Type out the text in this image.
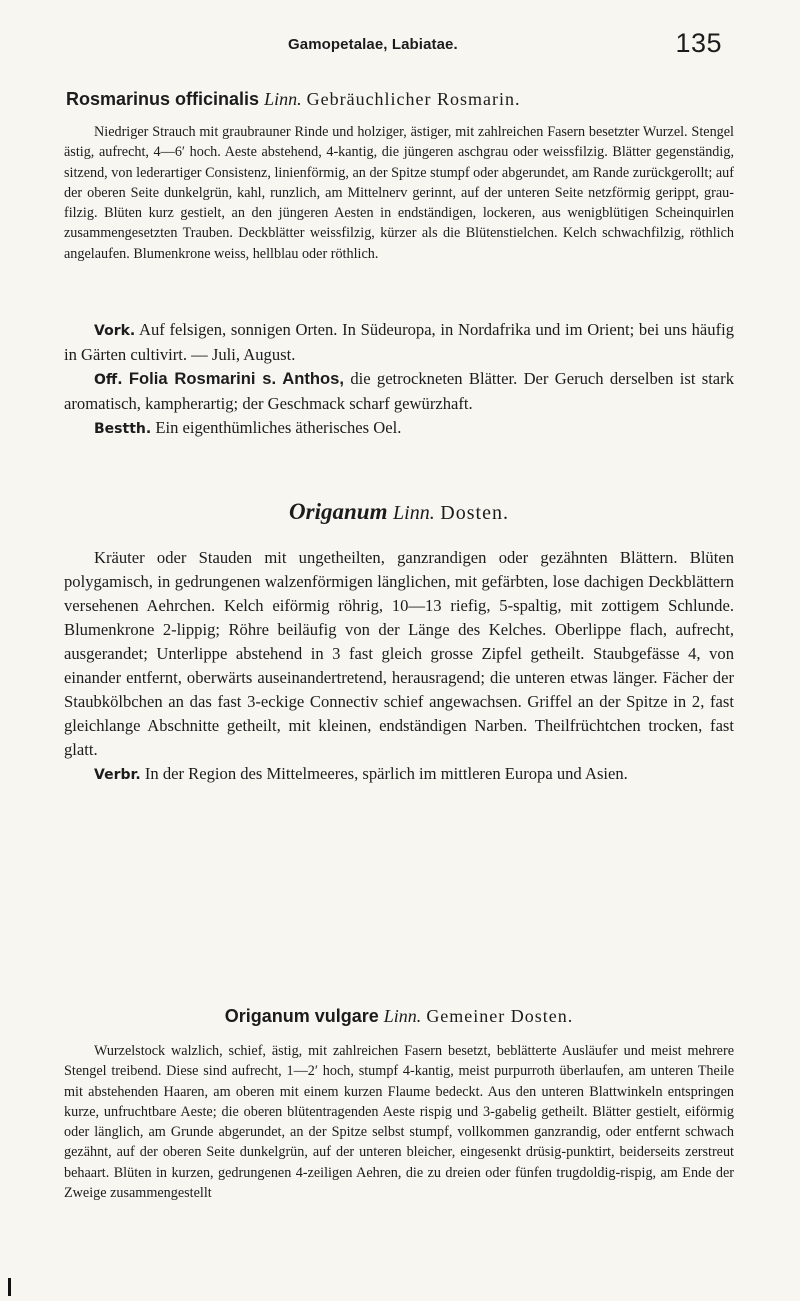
Gamopetalae, Labiatae.	135
Rosmarinus officinalis Linn. Gebräuchlicher Rosmarin.

Niedriger Strauch mit graubrauner Rinde und holziger, ästiger, mit zahlreichen Fasern besetzter Wurzel. Stengel ästig, aufrecht, 4—6′ hoch. Aeste abstehend, 4-kantig, die jüngeren aschgrau oder weissfilzig. Blätter gegenständig, sitzend, von lederartiger Consistenz, linienförmig, an der Spitze stumpf oder abgerundet, am Rande zurückgerollt; auf der oberen Seite dunkelgrün, kahl, runzlich, am Mittelnerv gerinnt, auf der unteren Seite netzförmig gerippt, grau-filzig. Blüten kurz gestielt, an den jüngeren Aesten in endständigen, lockeren, aus wenigblütigen Scheinquirlen zusammengesetzten Trauben. Deckblätter weissfilzig, kürzer als die Blütenstielchen. Kelch schwachfilzig, röthlich angelaufen. Blumenkrone weiss, hellblau oder röthlich.

Vork. Auf felsigen, sonnigen Orten. In Südeuropa, in Nordafrika und im Orient; bei uns häufig in Gärten cultivirt. — Juli, August.

Off. Folia Rosmarini s. Anthos, die getrockneten Blätter. Der Geruch derselben ist stark aromatisch, kampherartig; der Geschmack scharf gewürzhaft.

Bestth. Ein eigenthümliches ätherisches Oel.

Origanum Linn. Dosten.

Kräuter oder Stauden mit ungetheilten, ganzrandigen oder gezähnten Blättern. Blüten polygamisch, in gedrungenen walzenförmigen länglichen, mit gefärbten, lose dachigen Deckblättern versehenen Aehrchen. Kelch eiförmig röhrig, 10—13 riefig, 5-spaltig, mit zottigem Schlunde. Blumenkrone 2-lippig; Röhre beiläufig von der Länge des Kelches. Oberlippe flach, aufrecht, ausgerandet; Unterlippe abstehend in 3 fast gleich grosse Zipfel getheilt. Staubgefässe 4, von einander entfernt, oberwärts auseinandertretend, herausragend; die unteren etwas länger. Fächer der Staubkölbchen an das fast 3-eckige Connectiv schief angewachsen. Griffel an der Spitze in 2, fast gleichlange Abschnitte getheilt, mit kleinen, endständigen Narben. Theilfrüchtchen trocken, fast glatt.

Verbr. In der Region des Mittelmeeres, spärlich im mittleren Europa und Asien.

Origanum vulgare Linn. Gemeiner Dosten.

Wurzelstock walzlich, schief, ästig, mit zahlreichen Fasern besetzt, beblätterte Ausläufer und meist mehrere Stengel treibend. Diese sind aufrecht, 1—2′ hoch, stumpf 4-kantig, meist purpurroth überlaufen, am unteren Theile mit abstehenden Haaren, am oberen mit einem kurzen Flaume bedeckt. Aus den unteren Blattwinkeln entspringen kurze, unfruchtbare Aeste; die oberen blütentragenden Aeste rispig und 3-gabelig getheilt. Blätter gestielt, eiförmig oder länglich, am Grunde abgerundet, an der Spitze selbst stumpf, vollkommen ganzrandig, oder entfernt schwach gezähnt, auf der oberen Seite dunkelgrün, auf der unteren bleicher, eingesenkt drüsig-punktirt, beiderseits zerstreut behaart. Blüten in kurzen, gedrungenen 4-zeiligen Aehren, die zu dreien oder fünfen trugdoldig-rispig, am Ende der Zweige zusammengestellt
